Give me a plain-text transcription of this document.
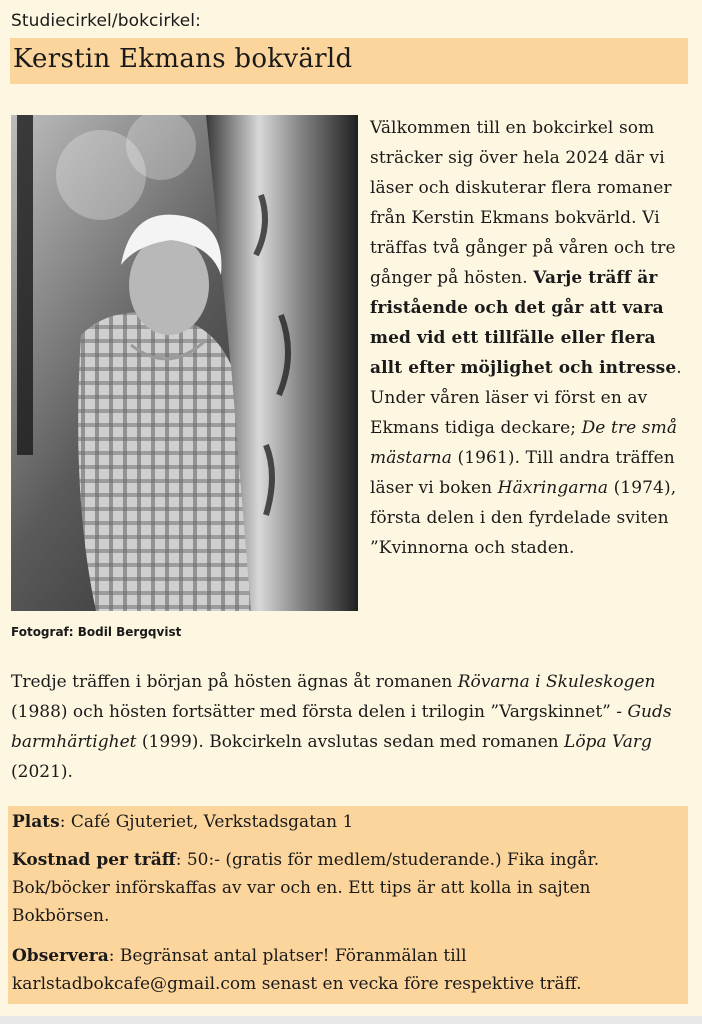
Studiecirkel/bokcirkel:
Kerstin Ekmans bokvärld
Fotograf: Bodil Bergqvist

Välkommen till en bokcirkel som sträcker sig över hela 2024 där vi läser och diskuterar flera romaner från Kerstin Ekmans bokvärld. Vi träffas två gånger på våren och tre gånger på hösten. Varje träff är fristående och det går att vara med vid ett tillfälle eller flera allt efter möjlighet och intresse. Under våren läser vi först en av Ekmans tidiga deckare; De tre små mästarna (1961). Till andra träffen läser vi boken Häxringarna (1974), första delen i den fyrdelade sviten ”Kvinnorna och staden.

Tredje träffen i början på hösten ägnas åt romanen Rövarna i Skuleskogen (1988) och hösten fortsätter med första delen i trilogin ”Vargskinnet” - Guds barmhärtighet (1999). Bokcirkeln avslutas sedan med romanen Löpa Varg (2021).

Plats: Café Gjuteriet, Verkstadsgatan 1

Kostnad per träff: 50:- (gratis för medlem/studerande.) Fika ingår. Bok/böcker införskaffas av var och en. Ett tips är att kolla in sajten Bokbörsen.

Observera: Begränsat antal platser! Föranmälan till karlstadbokcafe@gmail.com senast en vecka före respektive träff.
